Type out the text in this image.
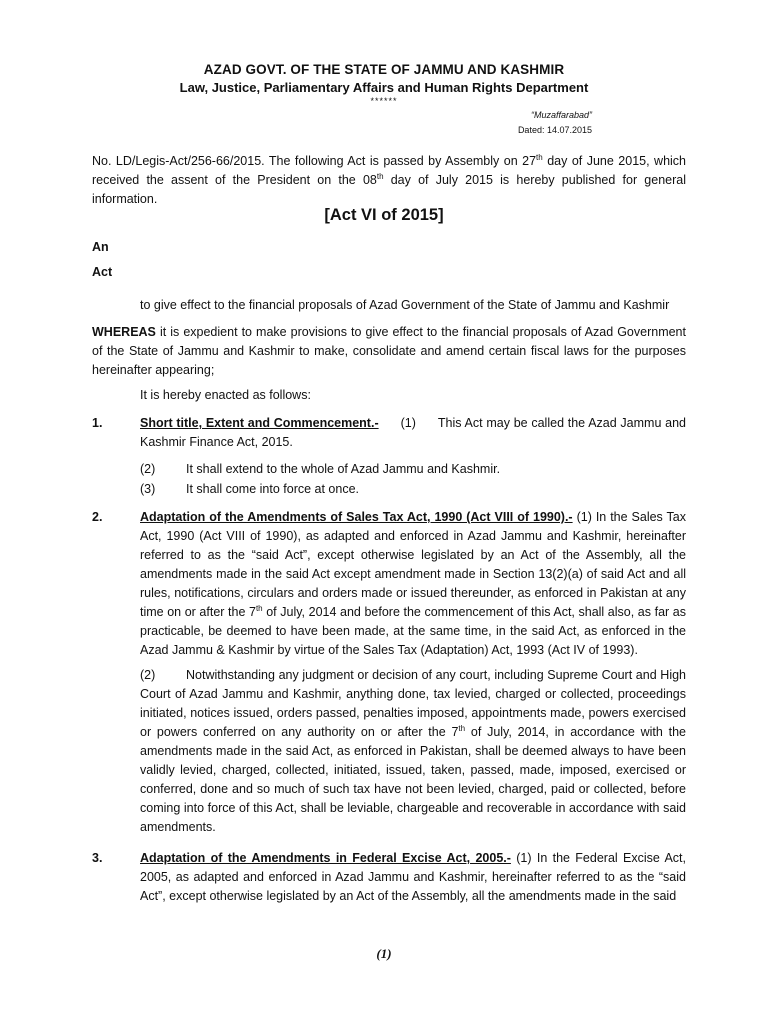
AZAD GOVT. OF THE STATE OF JAMMU AND KASHMIR
Law, Justice, Parliamentary Affairs and Human Rights Department
******
“Muzaffarabad”
Dated: 14.07.2015

No. LD/Legis-Act/256-66/2015. The following Act is passed by Assembly on 27th day of June 2015, which received the assent of the President on the 08th day of July 2015 is hereby published for general information.

[Act VI of 2015]
An
Act
to give effect to the financial proposals of Azad Government of the State of Jammu and Kashmir

WHEREAS it is expedient to make provisions to give effect to the financial proposals of Azad Government of the State of Jammu and Kashmir to make, consolidate and amend certain fiscal laws for the purposes hereinafter appearing;

It is hereby enacted as follows:
1.	Short title, Extent and Commencement.- (1) This Act may be called the Azad Jammu and Kashmir Finance Act, 2015.

(2) It shall extend to the whole of Azad Jammu and Kashmir.
(3) It shall come into force at once.
2.	Adaptation of the Amendments of Sales Tax Act, 1990 (Act VIII of 1990).- (1) In the Sales Tax Act, 1990 (Act VIII of 1990), as adapted and enforced in Azad Jammu and Kashmir, hereinafter referred to as the “said Act”, except otherwise legislated by an Act of the Assembly, all the amendments made in the said Act except amendment made in Section 13(2)(a) of said Act and all rules, notifications, circulars and orders made or issued thereunder, as enforced in Pakistan at any time on or after the 7th of July, 2014 and before the commencement of this Act, shall also, as far as practicable, be deemed to have been made, at the same time, in the said Act, as enforced in the Azad Jammu & Kashmir by virtue of the Sales Tax (Adaptation) Act, 1993 (Act IV of 1993).

(2) Notwithstanding any judgment or decision of any court, including Supreme Court and High Court of Azad Jammu and Kashmir, anything done, tax levied, charged or collected, proceedings initiated, notices issued, orders passed, penalties imposed, appointments made, powers exercised or powers conferred on any authority on or after the 7th of July, 2014, in accordance with the amendments made in the said Act, as enforced in Pakistan, shall be deemed always to have been validly levied, charged, collected, initiated, issued, taken, passed, made, imposed, exercised or conferred, done and so much of such tax have not been levied, charged, paid or collected, before coming into force of this Act, shall be leviable, chargeable and recoverable in accordance with said amendments.

3.	Adaptation of the Amendments in Federal Excise Act, 2005.- (1) In the Federal Excise Act, 2005, as adapted and enforced in Azad Jammu and Kashmir, hereinafter referred to as the “said Act”, except otherwise legislated by an Act of the Assembly, all the amendments made in the said

(1)
